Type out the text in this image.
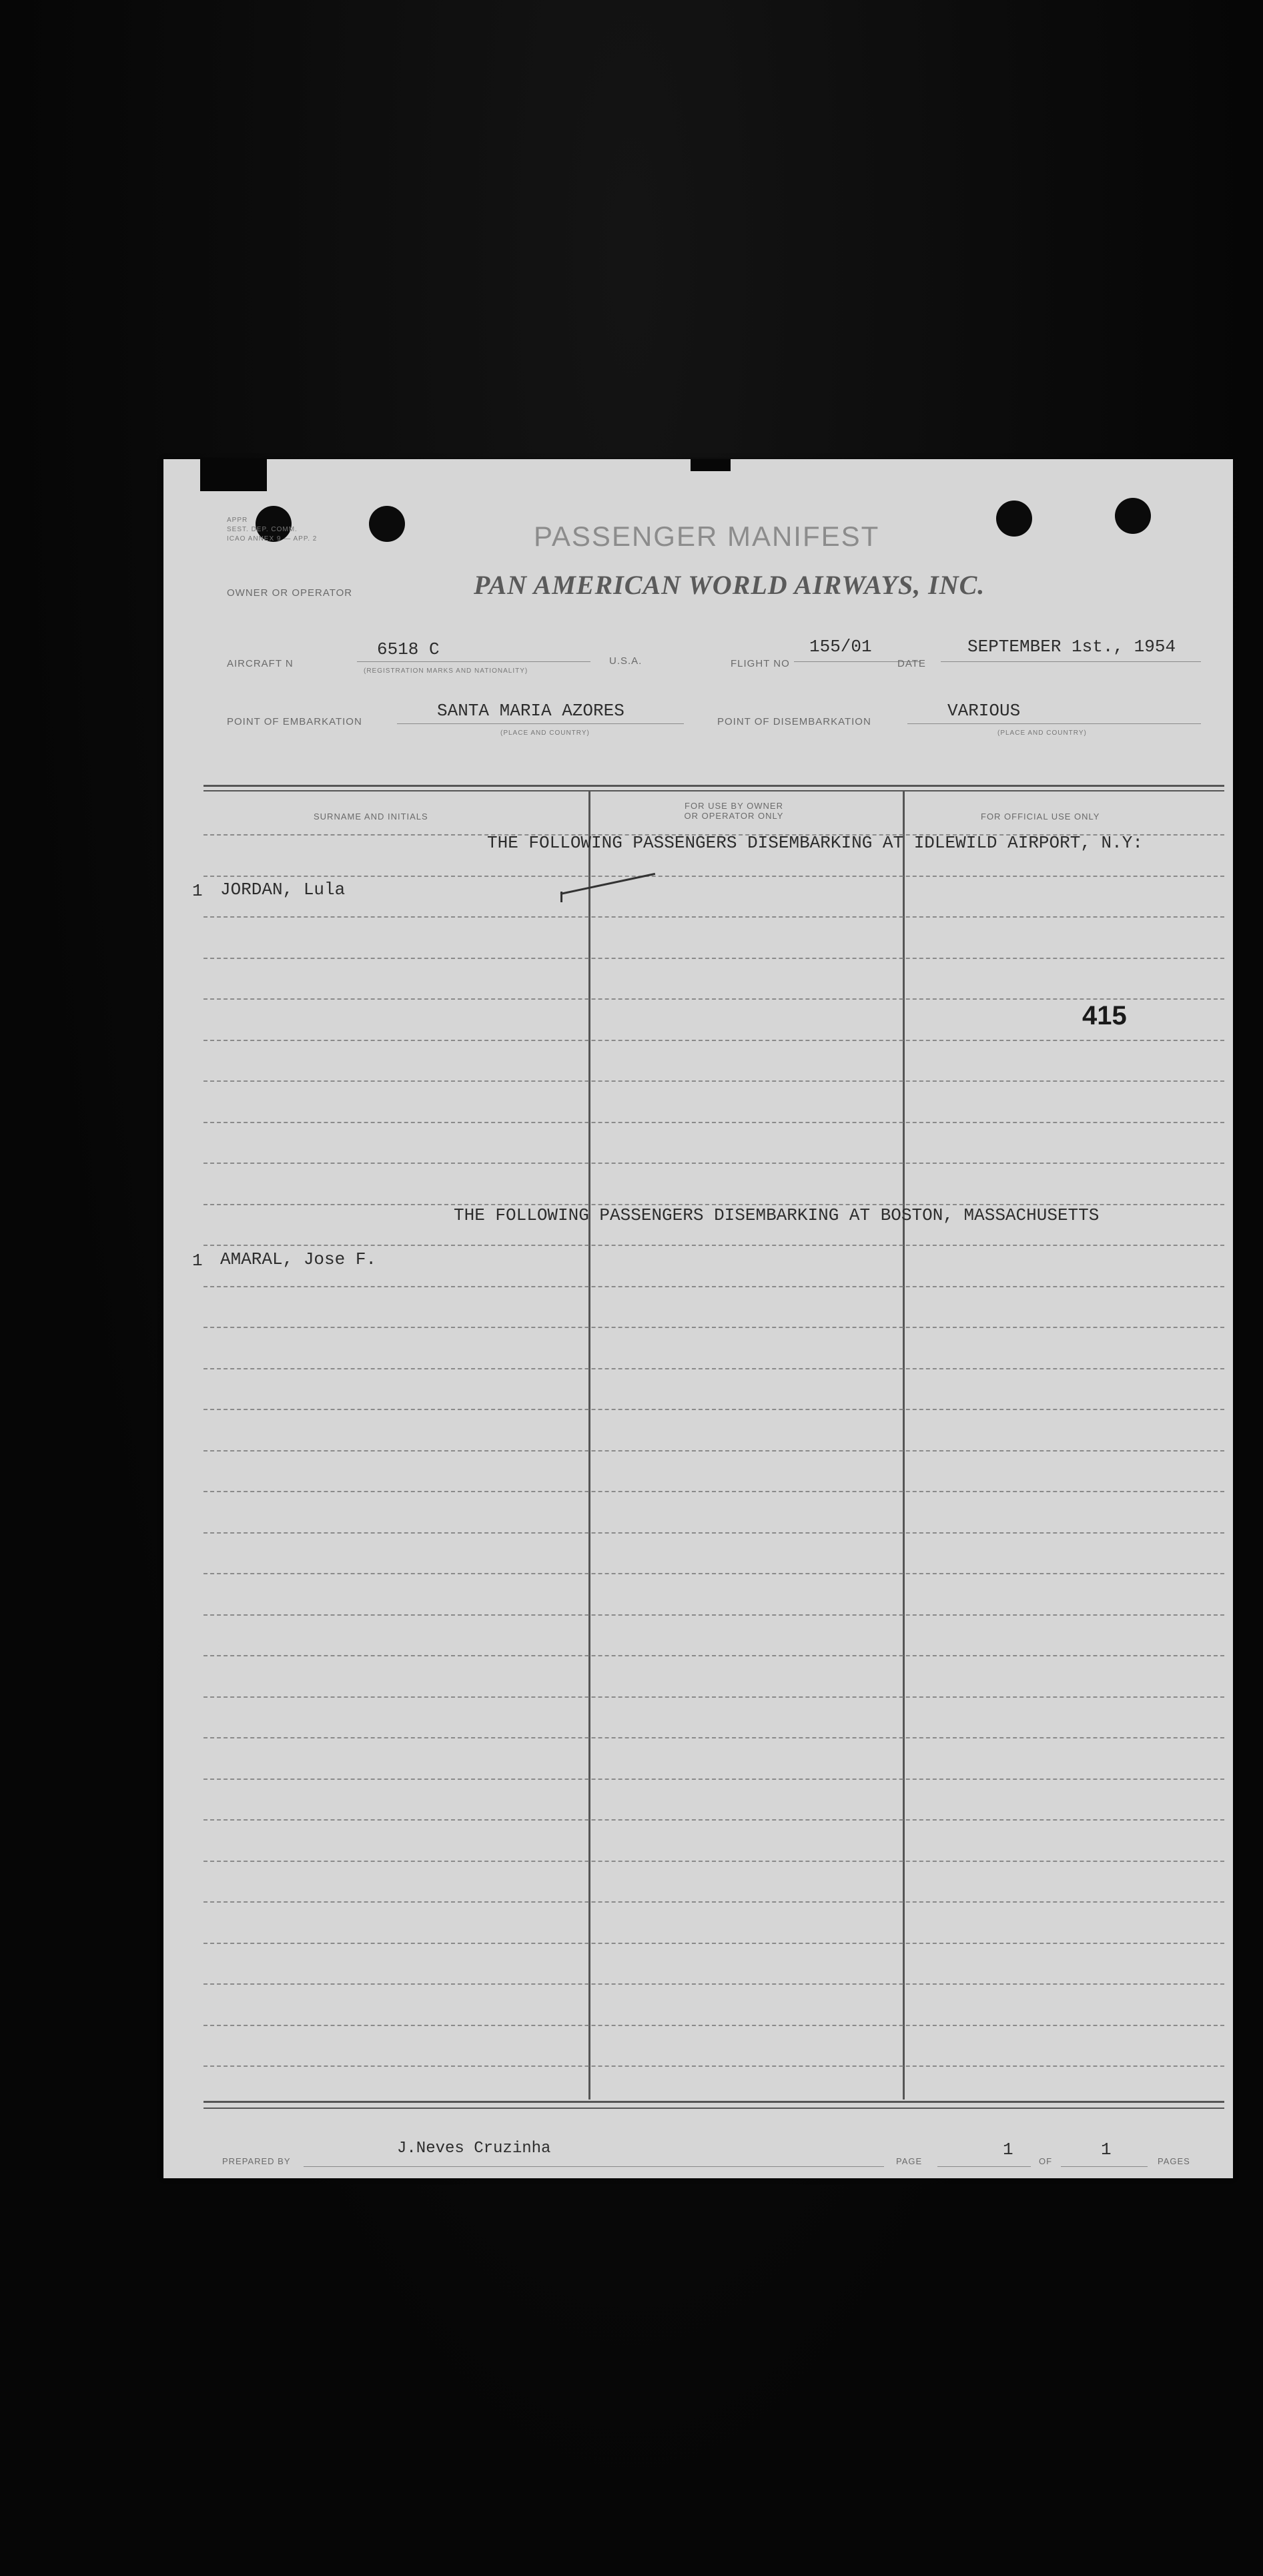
APPR
SEST. DEP. COMM.
ICAO ANNEX 9 — APP. 2	PASSENGER MANIFEST
OWNER OR OPERATOR	PAN AMERICAN WORLD AIRWAYS, INC.
AIRCRAFT N
6518 C
(REGISTRATION MARKS AND NATIONALITY)
U.S.A.	FLIGHT NO
155/01
DATE
SEPTEMBER 1st., 1954
POINT OF EMBARKATION
SANTA MARIA AZORES
(PLACE AND COUNTRY)
POINT OF DISEMBARKATION
VARIOUS
(PLACE AND COUNTRY)
SURNAME AND INITIALS
FOR USE BY OWNER
OR OPERATOR ONLY	FOR OFFICIAL USE ONLY
THE FOLLOWING PASSENGERS DISEMBARKING AT IDLEWILD AIRPORT, N.Y:
1 JORDAN, Lula
415
THE FOLLOWING PASSENGERS DISEMBARKING AT BOSTON, MASSACHUSETTS
1 AMARAL, Jose F.
PREPARED BY
J.Neves Cruzinha
PAGE
1
OF
1
PAGES
